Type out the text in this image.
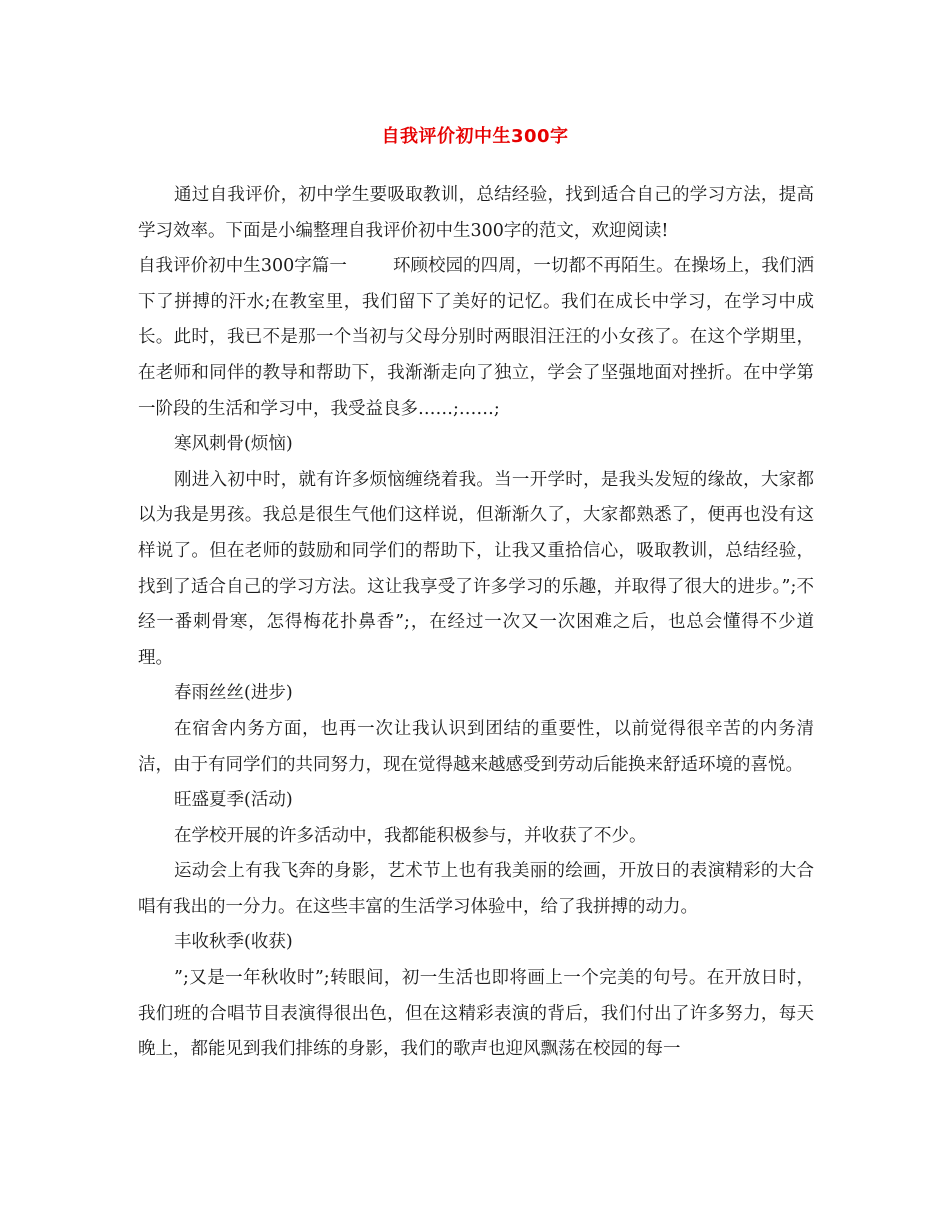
自我评价初中生300字

通过自我评价，初中学生要吸取教训，总结经验，找到适合自己的学习方法，提高学习效率。下面是小编整理自我评价初中生300字的范文，欢迎阅读!

自我评价初中生300字篇一	环顾校园的四周，一切都不再陌生。在操场上，我们洒下了拼搏的汗水;在教室里，我们留下了美好的记忆。我们在成长中学习，在学习中成长。此时，我已不是那一个当初与父母分别时两眼泪汪汪的小女孩了。在这个学期里，在老师和同伴的教导和帮助下，我渐渐走向了独立，学会了坚强地面对挫折。在中学第一阶段的生活和学习中，我受益良多……;……;

寒风刺骨(烦恼)

刚进入初中时，就有许多烦恼缠绕着我。当一开学时，是我头发短的缘故，大家都以为我是男孩。我总是很生气他们这样说，但渐渐久了，大家都熟悉了，便再也没有这样说了。但在老师的鼓励和同学们的帮助下，让我又重拾信心，吸取教训，总结经验，找到了适合自己的学习方法。这让我享受了许多学习的乐趣，并取得了很大的进步。”;不经一番刺骨寒，怎得梅花扑鼻香”;，在经过一次又一次困难之后，也总会懂得不少道理。

春雨丝丝(进步)

在宿舍内务方面，也再一次让我认识到团结的重要性，以前觉得很辛苦的内务清洁，由于有同学们的共同努力，现在觉得越来越感受到劳动后能换来舒适环境的喜悦。

旺盛夏季(活动)

在学校开展的许多活动中，我都能积极参与，并收获了不少。

运动会上有我飞奔的身影，艺术节上也有我美丽的绘画，开放日的表演精彩的大合唱有我出的一分力。在这些丰富的生活学习体验中，给了我拼搏的动力。

丰收秋季(收获)

”;又是一年秋收时”;转眼间，初一生活也即将画上一个完美的句号。在开放日时，我们班的合唱节目表演得很出色，但在这精彩表演的背后，我们付出了许多努力，每天晚上，都能见到我们排练的身影，我们的歌声也迎风飘荡在校园的每一
